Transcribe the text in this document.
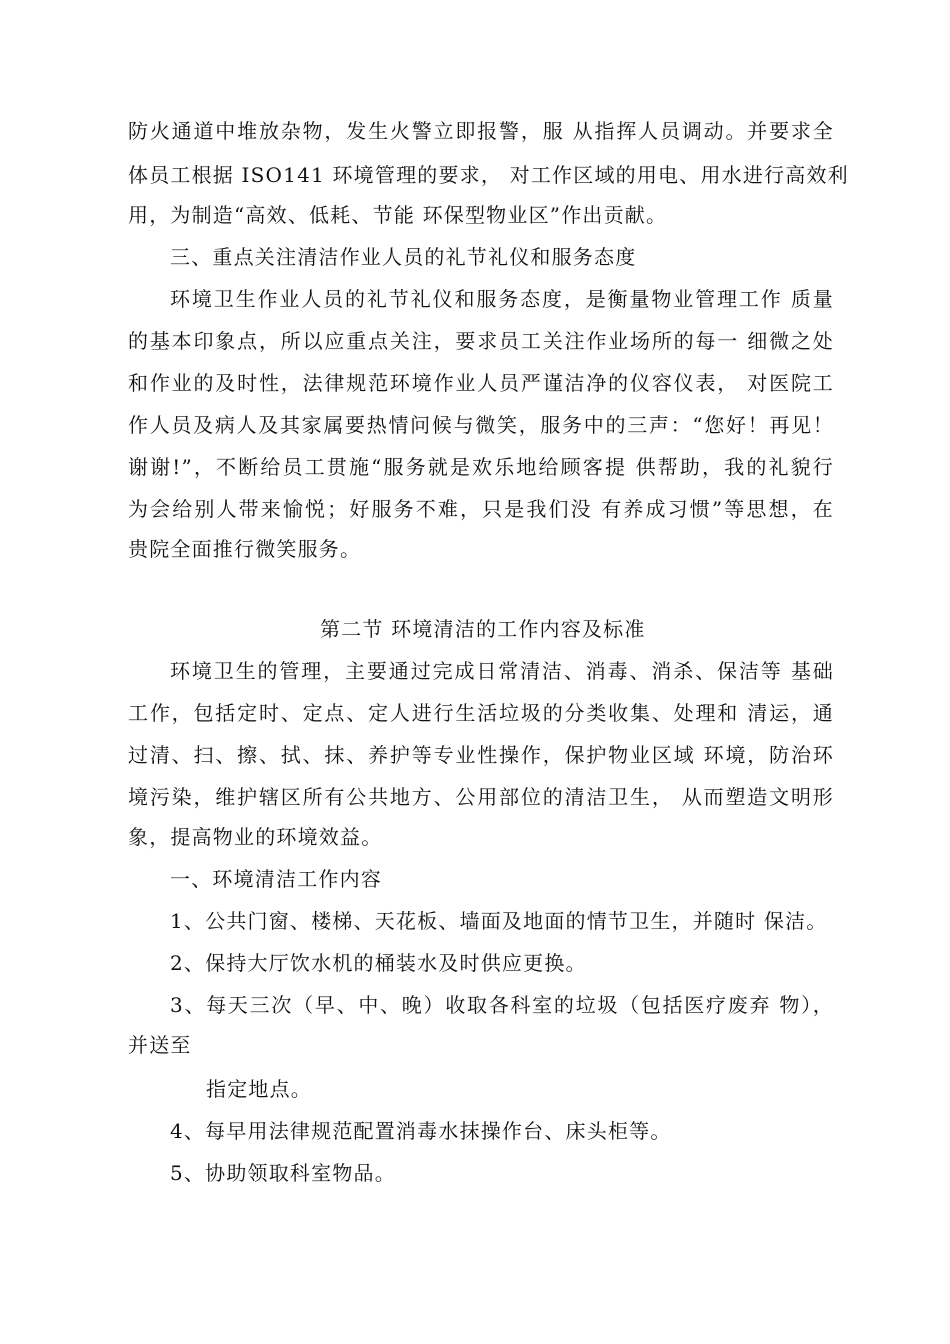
防火通道中堆放杂物，发生火警立即报警，服 从指挥人员调动。并要求全
体员工根据 ISO141 环境管理的要求， 对工作区域的用电、用水进行高效利
用，为制造“高效、低耗、节能 环保型物业区”作出贡献。
三、重点关注清洁作业人员的礼节礼仪和服务态度
环境卫生作业人员的礼节礼仪和服务态度，是衡量物业管理工作 质量
的基本印象点，所以应重点关注，要求员工关注作业场所的每一 细微之处
和作业的及时性，法律规范环境作业人员严谨洁净的仪容仪表， 对医院工
作人员及病人及其家属要热情问候与微笑，服务中的三声：“您好！再见！
谢谢!”，不断给员工贯施“服务就是欢乐地给顾客提 供帮助，我的礼貌行
为会给别人带来愉悦；好服务不难，只是我们没 有养成习惯”等思想，在
贵院全面推行微笑服务。
第二节 环境清洁的工作内容及标准
环境卫生的管理，主要通过完成日常清洁、消毒、消杀、保洁等 基础
工作，包括定时、定点、定人进行生活垃圾的分类收集、处理和 清运，通
过清、扫、擦、拭、抹、养护等专业性操作，保护物业区域 环境，防治环
境污染，维护辖区所有公共地方、公用部位的清洁卫生， 从而塑造文明形
象，提高物业的环境效益。
一、环境清洁工作内容
1、公共门窗、楼梯、天花板、墙面及地面的情节卫生，并随时 保洁。
2、保持大厅饮水机的桶装水及时供应更换。
3、每天三次（早、中、晚）收取各科室的垃圾（包括医疗废弃 物），
并送至
指定地点。
4、每早用法律规范配置消毒水抹操作台、床头柜等。
5、协助领取科室物品。
